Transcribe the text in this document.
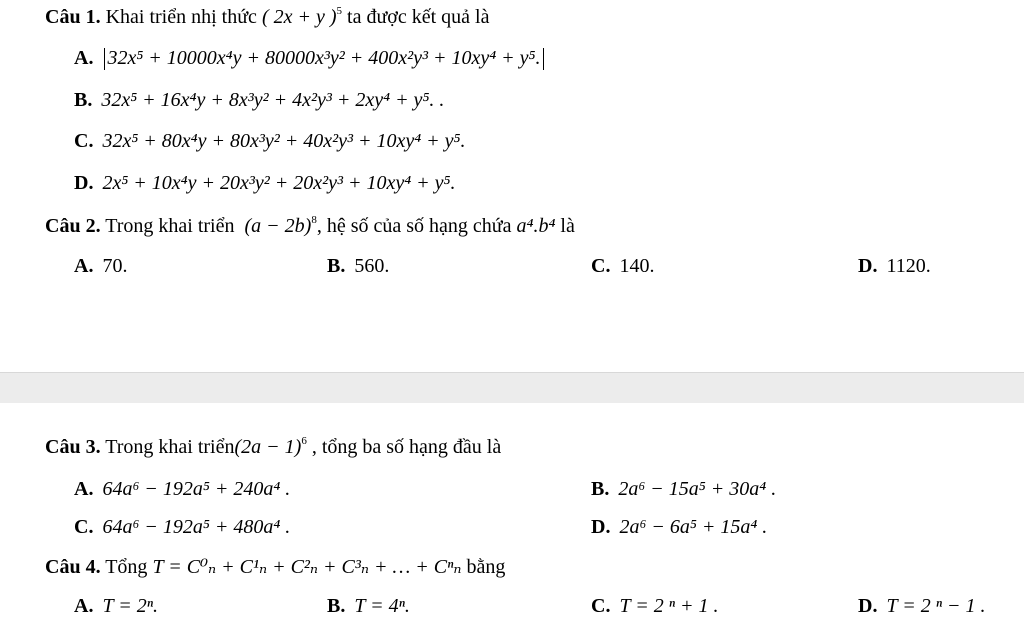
Câu 1. Khai triển nhị thức ( 2x + y )$^5$ ta được kết quả là
A. 32x⁵ + 10000x⁴y + 80000x³y² + 400x²y³ + 10xy⁴ + y⁵.
B. 32x⁵ + 16x⁴y + 8x³y² + 4x²y³ + 2xy⁴ + y⁵. .
C. 32x⁵ + 80x⁴y + 80x³y² + 40x²y³ + 10xy⁴ + y⁵.
D. 2x⁵ + 10x⁴y + 20x³y² + 20x²y³ + 10xy⁴ + y⁵.
Câu 2. Trong khai triển $(a - 2b)^8$, hệ số của số hạng chứa a⁴.b⁴ là
A. 70.	B. 560.	C. 140.	D. 1120.
Câu 3. Trong khai triển(2a − 1)$^6$ , tổng ba số hạng đầu là
A. 64a⁶ − 192a⁵ + 240a⁴ .	B. 2a⁶ − 15a⁵ + 30a⁴ .
C. 64a⁶ − 192a⁵ + 480a⁴ .	D. 2a⁶ − 6a⁵ + 15a⁴ .
Câu 4. Tổng T = C⁰ₙ + C¹ₙ + C²ₙ + C³ₙ + … + Cⁿₙ bằng
A. T = 2ⁿ.	B. T = 4ⁿ.	C. T = 2 ⁿ + 1 .	D. T = 2 ⁿ − 1 .
